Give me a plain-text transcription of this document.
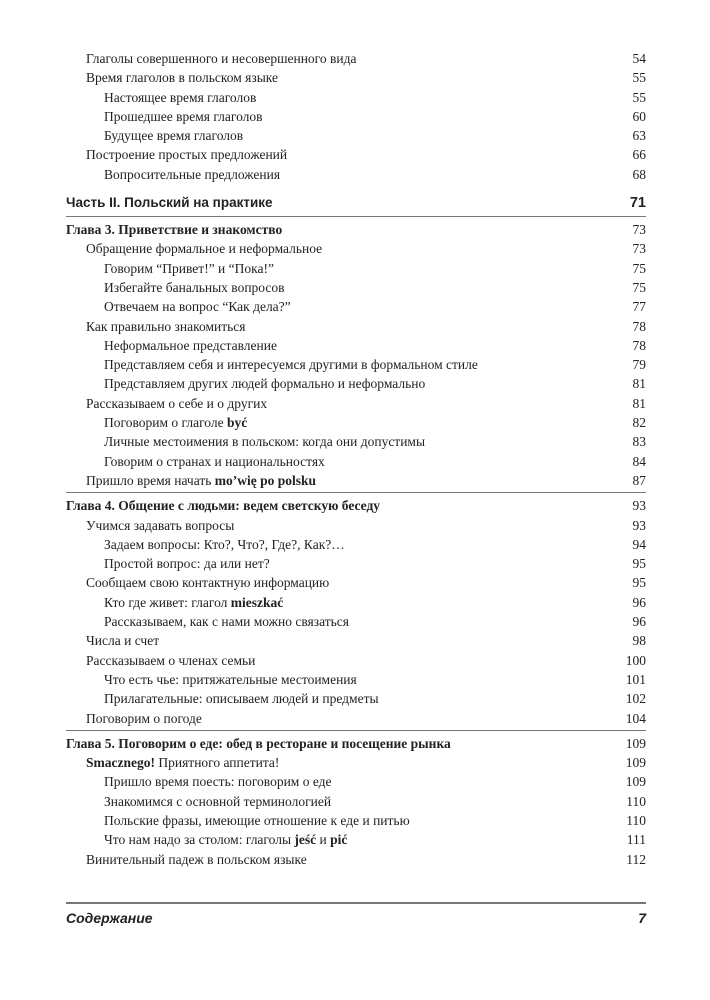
Глаголы совершенного и несовершенного вида	54
Время глаголов в польском языке	55
Настоящее время глаголов	55
Прошедшее время глаголов	60
Будущее время глаголов	63
Построение простых предложений	66
Вопросительные предложения	68
Часть II. Польский на практике	71
Глава 3. Приветствие и знакомство	73
Обращение формальное и неформальное	73
Говорим “Привет!” и “Пока!”	75
Избегайте банальных вопросов	75
Отвечаем на вопрос “Как дела?”	77
Как правильно знакомиться	78
Неформальное представление	78
Представляем себя и интересуемся другими в формальном стиле	79
Представляем других людей формально и неформально	81
Рассказываем о себе и о других	81
Поговорим о глаголе być	82
Личные местоимения в польском: когда они допустимы	83
Говорим о странах и национальностях	84
Пришло время начать mo’wię po polsku	87
Глава 4. Общение с людьми: ведем светскую беседу	93
Учимся задавать вопросы	93
Задаем вопросы: Кто?, Что?, Где?, Как?…	94
Простой вопрос: да или нет?	95
Сообщаем свою контактную информацию	95
Кто где живет: глагол mieszkać	96
Рассказываем, как с нами можно связаться	96
Числа и счет	98
Рассказываем о членах семьи	100
Что есть чье: притяжательные местоимения	101
Прилагательные: описываем людей и предметы	102
Поговорим о погоде	104
Глава 5. Поговорим о еде: обед в ресторане и посещение рынка	109
Smacznego! Приятного аппетита!	109
Пришло время поесть: поговорим о еде	109
Знакомимся с основной терминологией	110
Польские фразы, имеющие отношение к еде и питью	110
Что нам надо за столом: глаголы jeść и pić	111
Винительный падеж в польском языке	112
Содержание	7
